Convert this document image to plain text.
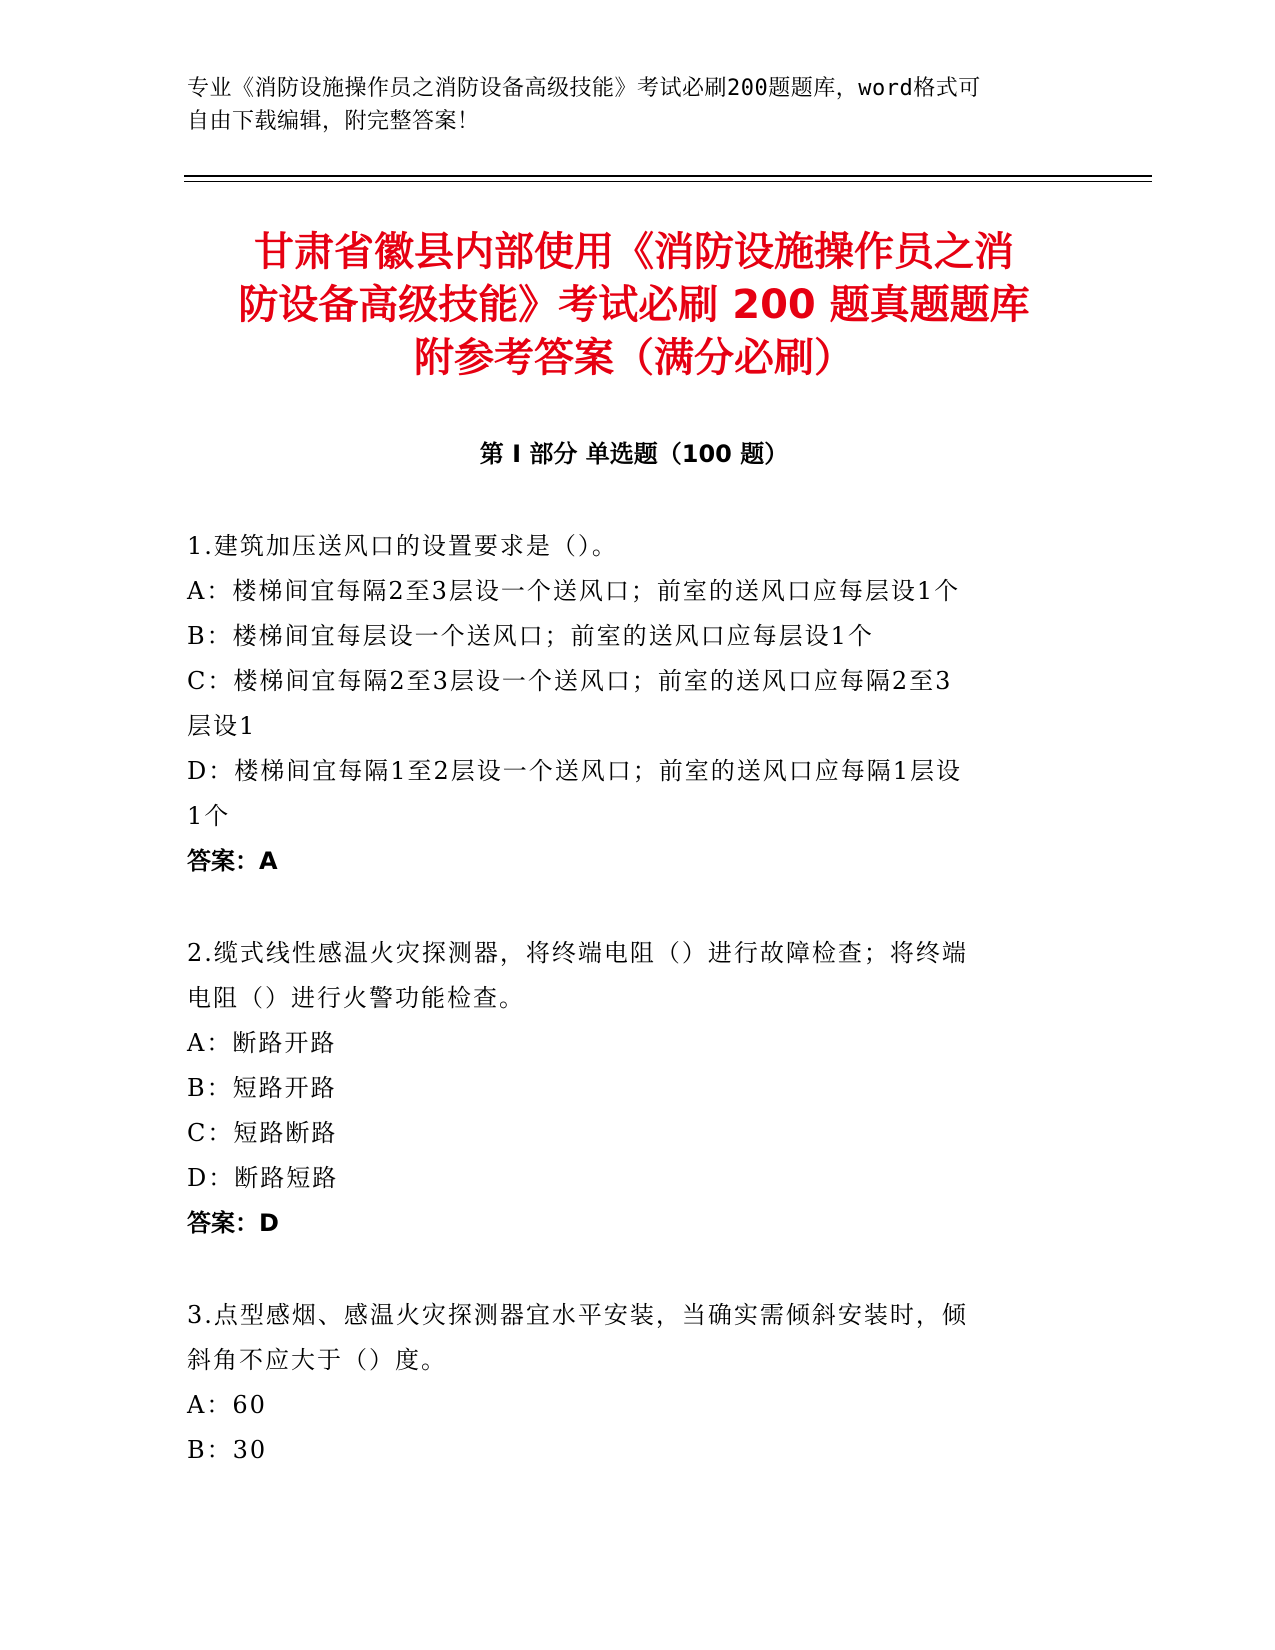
专业《消防设施操作员之消防设备高级技能》考试必刷200题题库，word格式可
自由下载编辑，附完整答案！
甘肃省徽县内部使用《消防设施操作员之消
防设备高级技能》考试必刷 200 题真题题库
附参考答案（满分必刷）
第 I 部分 单选题（100 题）
1.建筑加压送风口的设置要求是（）。
A：楼梯间宜每隔2至3层设一个送风口；前室的送风口应每层设1个
B：楼梯间宜每层设一个送风口；前室的送风口应每层设1个
C：楼梯间宜每隔2至3层设一个送风口；前室的送风口应每隔2至3
层设1
D：楼梯间宜每隔1至2层设一个送风口；前室的送风口应每隔1层设
1个
答案：A
2.缆式线性感温火灾探测器，将终端电阻（）进行故障检查；将终端
电阻（）进行火警功能检查。
A：断路开路
B：短路开路
C：短路断路
D：断路短路
答案：D
3.点型感烟、感温火灾探测器宜水平安装，当确实需倾斜安装时，倾
斜角不应大于（）度。
A：60
B：30
